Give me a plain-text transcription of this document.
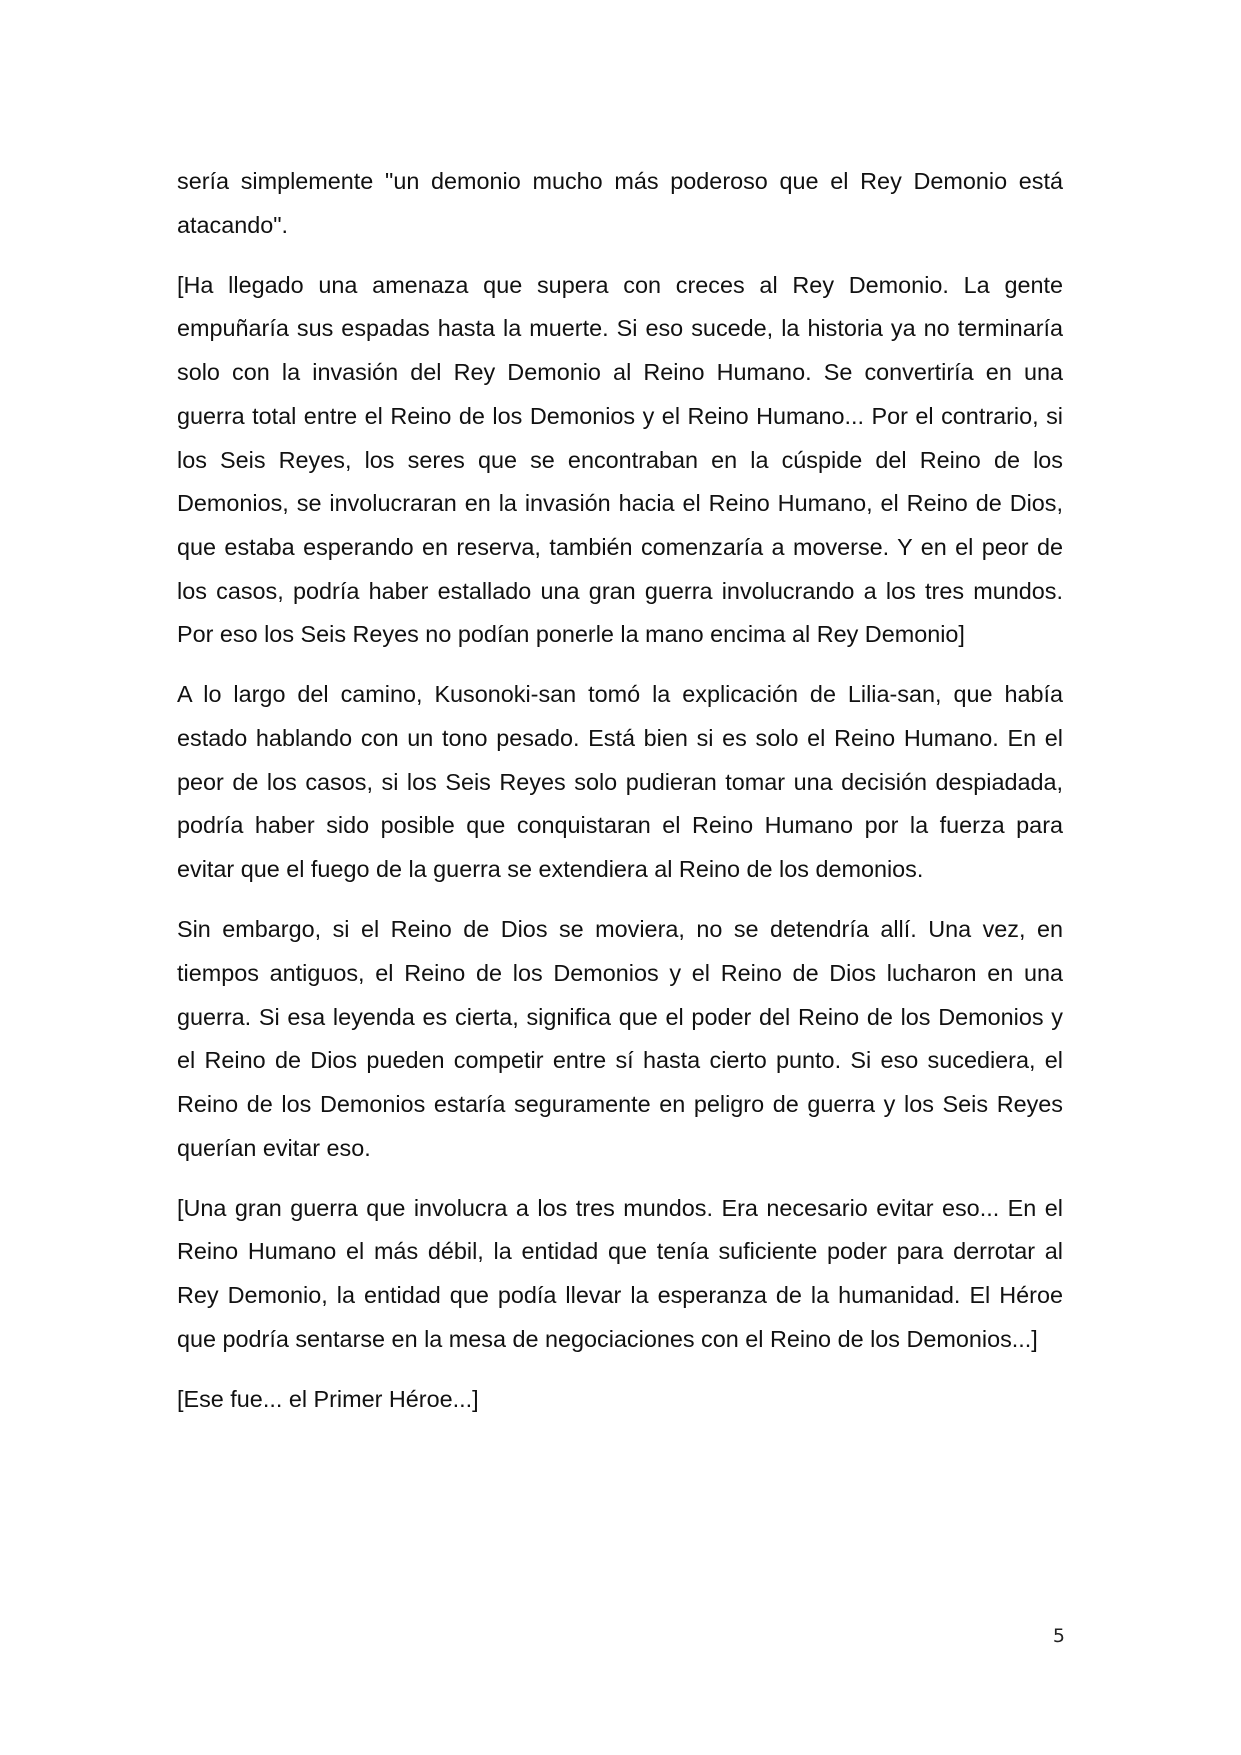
sería simplemente "un demonio mucho más poderoso que el Rey Demonio está atacando".

[Ha llegado una amenaza que supera con creces al Rey Demonio. La gente empuñaría sus espadas hasta la muerte. Si eso sucede, la historia ya no terminaría solo con la invasión del Rey Demonio al Reino Humano. Se convertiría en una guerra total entre el Reino de los Demonios y el Reino Humano... Por el contrario, si los Seis Reyes, los seres que se encontraban en la cúspide del Reino de los Demonios, se involucraran en la invasión hacia el Reino Humano, el Reino de Dios, que estaba esperando en reserva, también comenzaría a moverse. Y en el peor de los casos, podría haber estallado una gran guerra involucrando a los tres mundos. Por eso los Seis Reyes no podían ponerle la mano encima al Rey Demonio]

A lo largo del camino, Kusonoki-san tomó la explicación de Lilia-san, que había estado hablando con un tono pesado. Está bien si es solo el Reino Humano. En el peor de los casos, si los Seis Reyes solo pudieran tomar una decisión despiadada, podría haber sido posible que conquistaran el Reino Humano por la fuerza para evitar que el fuego de la guerra se extendiera al Reino de los demonios.

Sin embargo, si el Reino de Dios se moviera, no se detendría allí. Una vez, en tiempos antiguos, el Reino de los Demonios y el Reino de Dios lucharon en una guerra. Si esa leyenda es cierta, significa que el poder del Reino de los Demonios y el Reino de Dios pueden competir entre sí hasta cierto punto. Si eso sucediera, el Reino de los Demonios estaría seguramente en peligro de guerra y los Seis Reyes querían evitar eso.

[Una gran guerra que involucra a los tres mundos. Era necesario evitar eso... En el Reino Humano el más débil, la entidad que tenía suficiente poder para derrotar al Rey Demonio, la entidad que podía llevar la esperanza de la humanidad. El Héroe que podría sentarse en la mesa de negociaciones con el Reino de los Demonios...]

[Ese fue... el Primer Héroe...]

5
